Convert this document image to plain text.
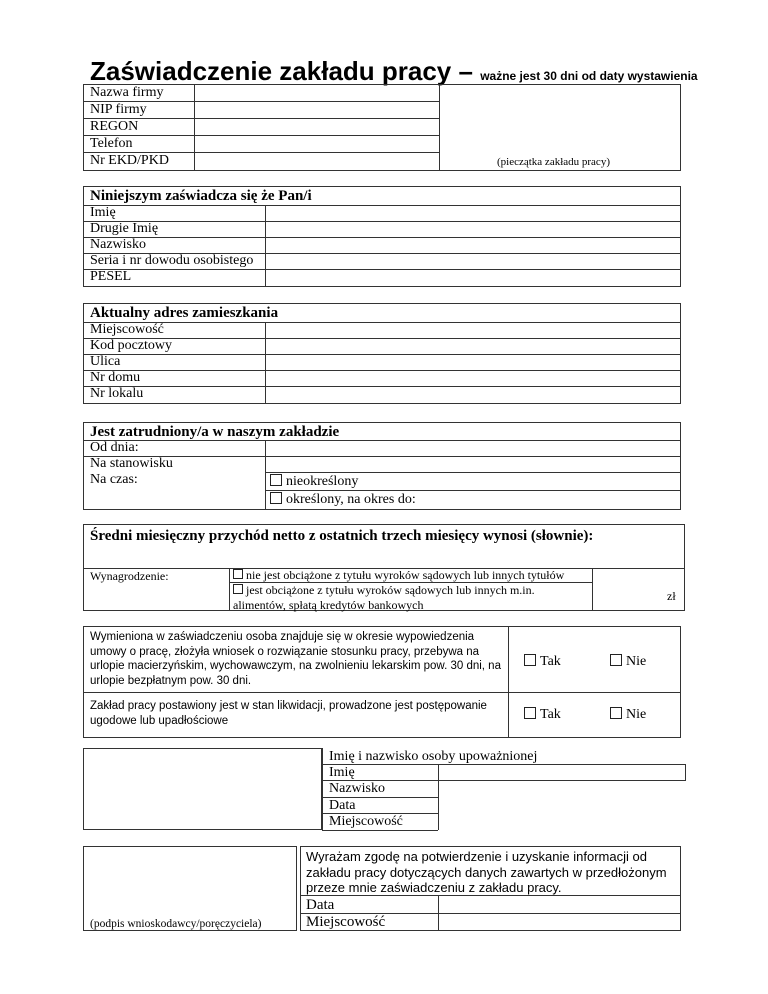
Zaświadczenie zakładu pracy – ważne jest 30 dni od daty wystawienia
Nazwa firmy
NIP firmy
REGON
Telefon
Nr EKD/PKD	(pieczątka zakładu pracy)
Niniejszym zaświadcza się że Pan/i
Imię
Drugie Imię
Nazwisko
Seria i nr dowodu osobistego
PESEL
Aktualny adres zamieszkania
Miejscowość
Kod pocztowy
Ulica
Nr domu
Nr lokalu
Jest zatrudniony/a w naszym zakładzie
Od dnia:
Na stanowisku
Na czas:	nieokreślony
określony, na okres do:
Średni miesięczny przychód netto z ostatnich trzech miesięcy wynosi (słownie):
Wynagrodzenie:	nie jest obciążone z tytułu wyroków sądowych lub innych tytułów
jest obciążone z tytułu wyroków sądowych lub innych m.in. alimentów, spłatą kredytów bankowych
zł
Wymieniona w zaświadczeniu osoba znajduje się w okresie wypowiedzenia umowy o pracę, złożyła wniosek o rozwiązanie stosunku pracy, przebywa na urlopie macierzyńskim, wychowawczym, na zwolnieniu lekarskim pow. 30 dni, na urlopie bezpłatnym pow. 30 dni.
Tak	Nie
Zakład pracy postawiony jest w stan likwidacji, prowadzone jest postępowanie ugodowe lub upadłościowe	Tak	Nie
Imię i nazwisko osoby upoważnionej
Imię
Nazwisko
Data
Miejscowość
(podpis wnioskodawcy/poręczyciela)
Wyrażam zgodę na potwierdzenie i uzyskanie informacji od zakładu pracy dotyczących danych zawartych w przedłożonym przeze mnie zaświadczeniu z zakładu pracy.
Data
Miejscowość
